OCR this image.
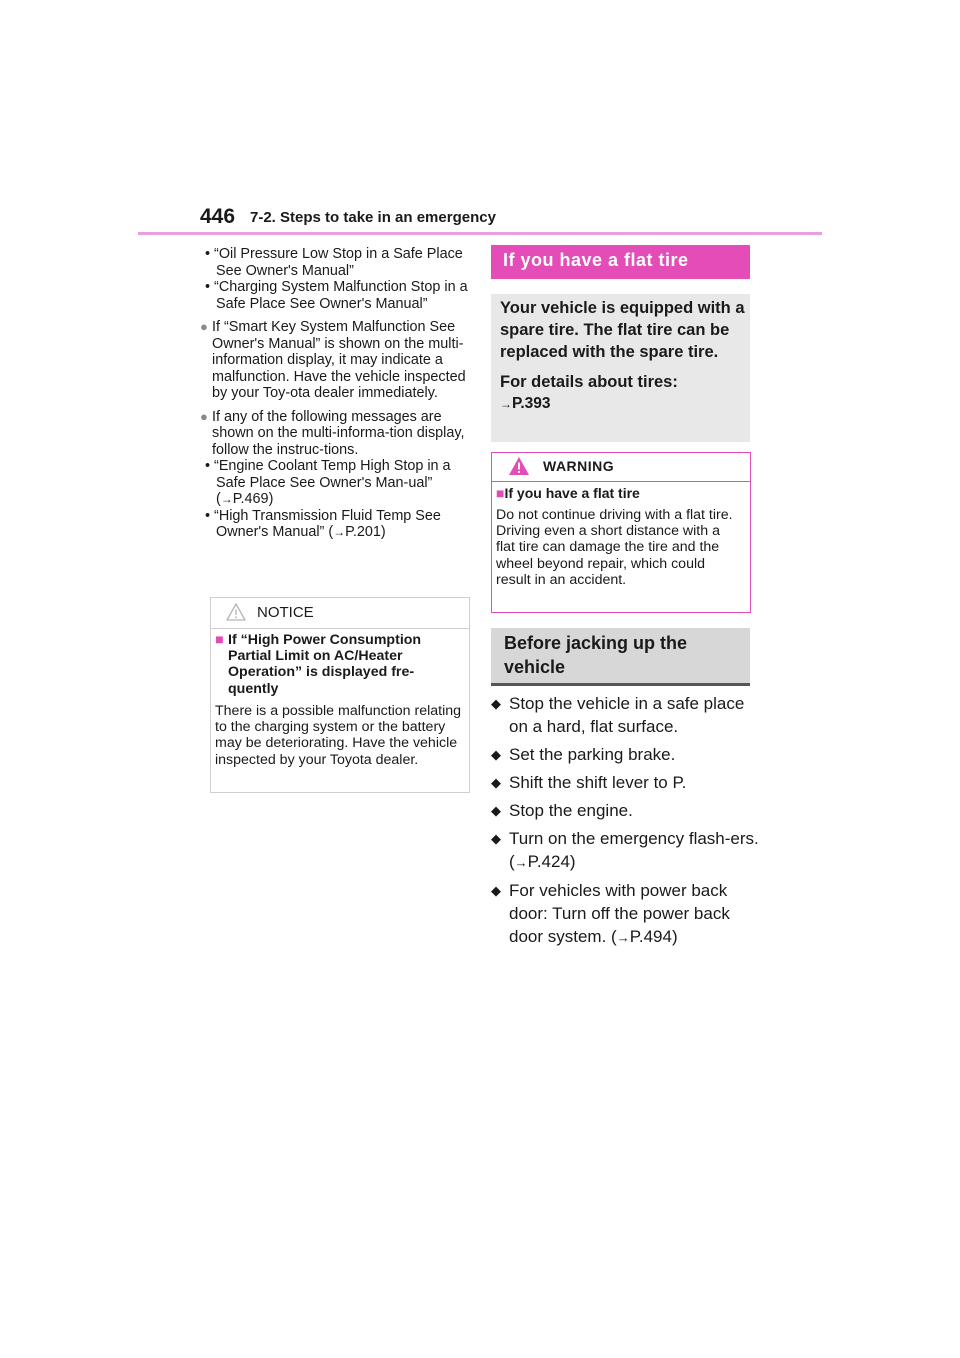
446 7-2. Steps to take in an emergency
• “Oil Pressure Low Stop in a Safe Place See Owner's Manual”
• “Charging System Malfunction Stop in a Safe Place See Owner's Manual”
● If “Smart Key System Malfunction See Owner's Manual” is shown on the multi-information display, it may indicate a malfunction. Have the vehicle inspected by your Toy-ota dealer immediately.
● If any of the following messages are shown on the multi-informa-tion display, follow the instruc-tions.
• “Engine Coolant Temp High Stop in a Safe Place See Owner's Man-ual” (→P.469)
• “High Transmission Fluid Temp See Owner's Manual” (→P.201)
NOTICE
■ If “High Power Consumption Partial Limit on AC/Heater Operation” is displayed fre-quently
There is a possible malfunction relating to the charging system or the battery may be deteriorating. Have the vehicle inspected by your Toyota dealer.
If you have a flat tire

Your vehicle is equipped with a spare tire. The flat tire can be replaced with the spare tire.

For details about tires:

→P.393

WARNING
■If you have a flat tire
Do not continue driving with a flat tire.
Driving even a short distance with a flat tire can damage the tire and the wheel beyond repair, which could result in an accident.
Before jacking up the vehicle
◆ Stop the vehicle in a safe place on a hard, flat surface.
◆ Set the parking brake.
◆ Shift the shift lever to P.
◆ Stop the engine.
◆ Turn on the emergency flash-ers. (→P.424)
◆ For vehicles with power back door: Turn off the power back door system. (→P.494)
